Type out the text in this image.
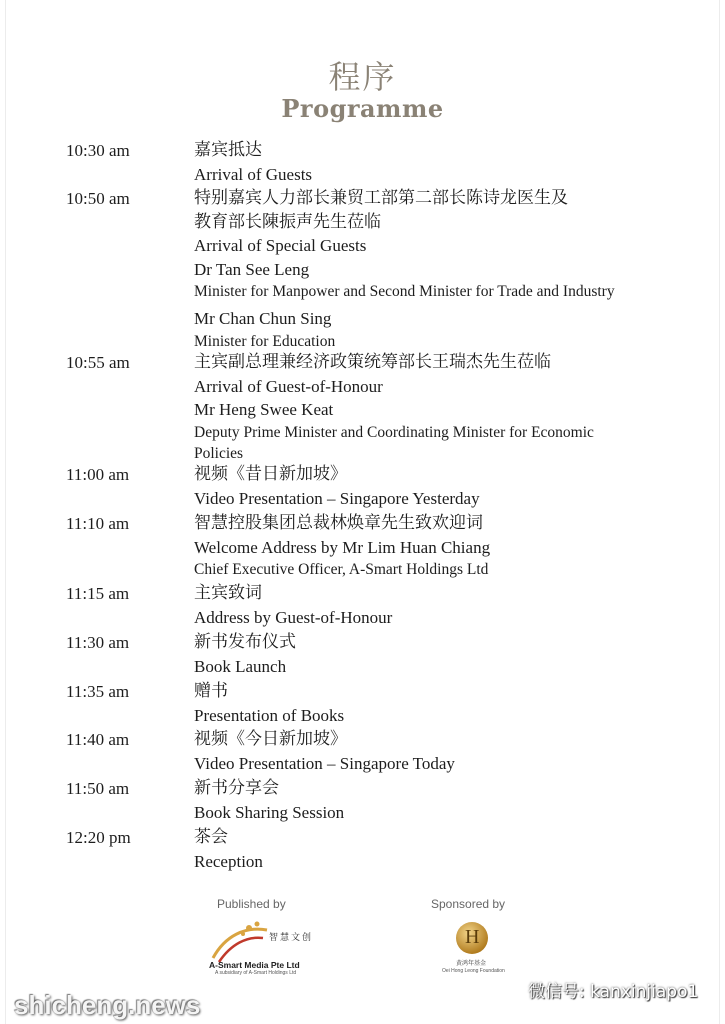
程序
Programme
10:30 am	嘉宾抵达
Arrival of Guests
10:50 am	特别嘉宾人力部长兼贸工部第二部长陈诗龙医生及
教育部长陳振声先生莅临
Arrival of Special Guests
Dr Tan See Leng
Minister for Manpower and Second Minister for Trade and Industry
Mr Chan Chun Sing
Minister for Education
10:55 am	主宾副总理兼经济政策统筹部长王瑞杰先生莅临
Arrival of Guest-of-Honour
Mr Heng Swee Keat
Deputy Prime Minister and Coordinating Minister for Economic
Policies
11:00 am	视频《昔日新加坡》
Video Presentation – Singapore Yesterday
11:10 am	智慧控股集团总裁林焕章先生致欢迎词
Welcome Address by Mr Lim Huan Chiang
Chief Executive Officer, A-Smart Holdings Ltd
11:15 am	主宾致词
Address by Guest-of-Honour
11:30 am	新书发布仪式
Book Launch
11:35 am	赠书
Presentation of Books
11:40 am	视频《今日新加坡》
Video Presentation – Singapore Today
11:50 am	新书分享会
Book Sharing Session
12:20 pm	茶会
Reception
Published by	Sponsored by
智慧文创
A-Smart Media Pte Ltd
A subsidiary of A-Smart Holdings Ltd
H
黄鸿年基金
Oei Hong Leong Foundation
shicheng.news	微信号: kanxinjiapo1
